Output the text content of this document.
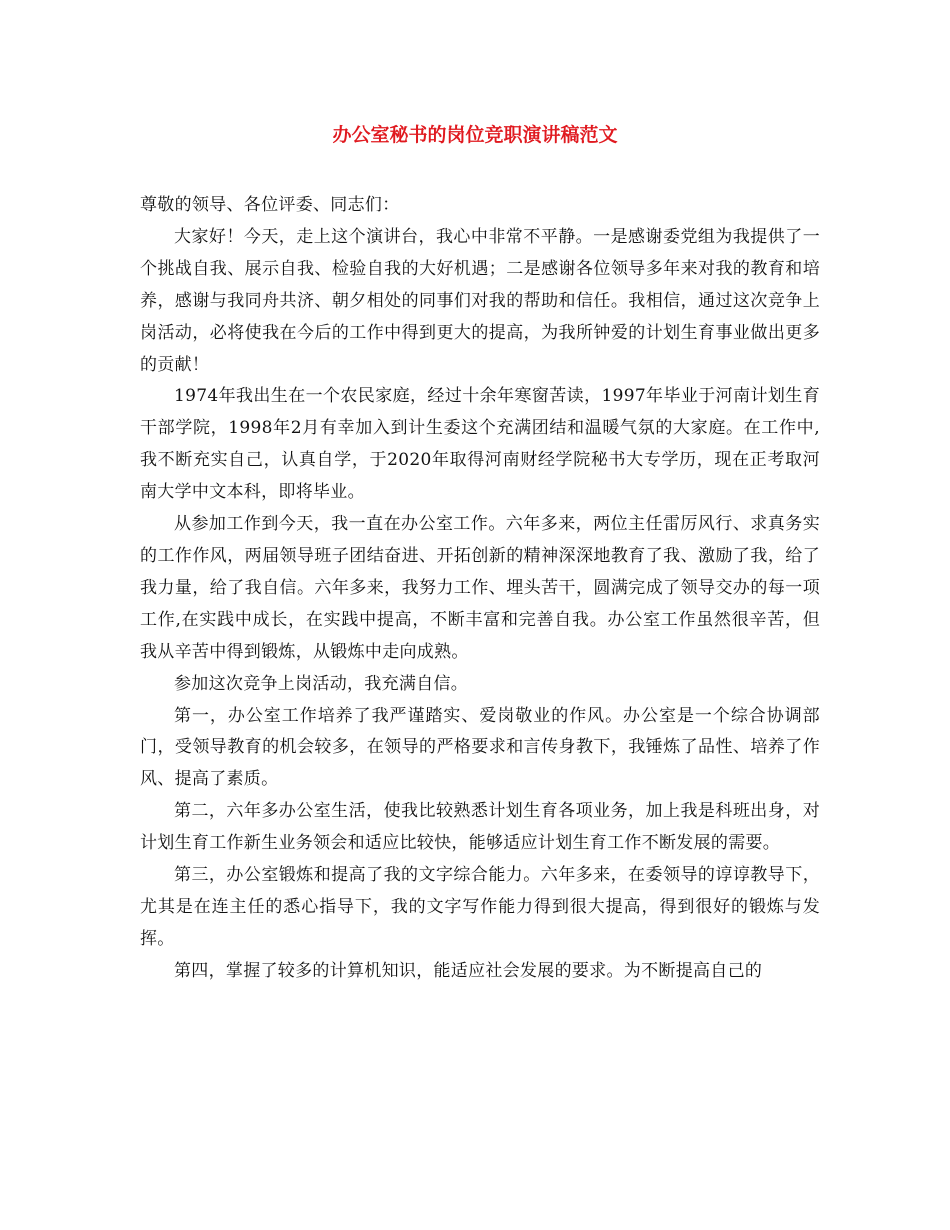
办公室秘书的岗位竞职演讲稿范文

尊敬的领导、各位评委、同志们：

大家好！今天，走上这个演讲台，我心中非常不平静。一是感谢委党组为我提供了一个挑战自我、展示自我、检验自我的大好机遇；二是感谢各位领导多年来对我的教育和培养，感谢与我同舟共济、朝夕相处的同事们对我的帮助和信任。我相信，通过这次竞争上岗活动，必将使我在今后的工作中得到更大的提高，为我所钟爱的计划生育事业做出更多的贡献！

1974年我出生在一个农民家庭，经过十余年寒窗苦读，1997年毕业于河南计划生育干部学院，1998年2月有幸加入到计生委这个充满团结和温暖气氛的大家庭。在工作中,我不断充实自己，认真自学，于2020年取得河南财经学院秘书大专学历，现在正考取河南大学中文本科，即将毕业。

从参加工作到今天，我一直在办公室工作。六年多来，两位主任雷厉风行、求真务实的工作作风，两届领导班子团结奋进、开拓创新的精神深深地教育了我、激励了我，给了我力量，给了我自信。六年多来，我努力工作、埋头苦干，圆满完成了领导交办的每一项工作,在实践中成长，在实践中提高，不断丰富和完善自我。办公室工作虽然很辛苦，但我从辛苦中得到锻炼，从锻炼中走向成熟。

参加这次竞争上岗活动，我充满自信。

第一，办公室工作培养了我严谨踏实、爱岗敬业的作风。办公室是一个综合协调部门，受领导教育的机会较多，在领导的严格要求和言传身教下，我锤炼了品性、培养了作风、提高了素质。

第二，六年多办公室生活，使我比较熟悉计划生育各项业务，加上我是科班出身，对计划生育工作新生业务领会和适应比较快，能够适应计划生育工作不断发展的需要。

第三，办公室锻炼和提高了我的文字综合能力。六年多来，在委领导的谆谆教导下，尤其是在连主任的悉心指导下，我的文字写作能力得到很大提高，得到很好的锻炼与发挥。

第四，掌握了较多的计算机知识，能适应社会发展的要求。为不断提高自己的
